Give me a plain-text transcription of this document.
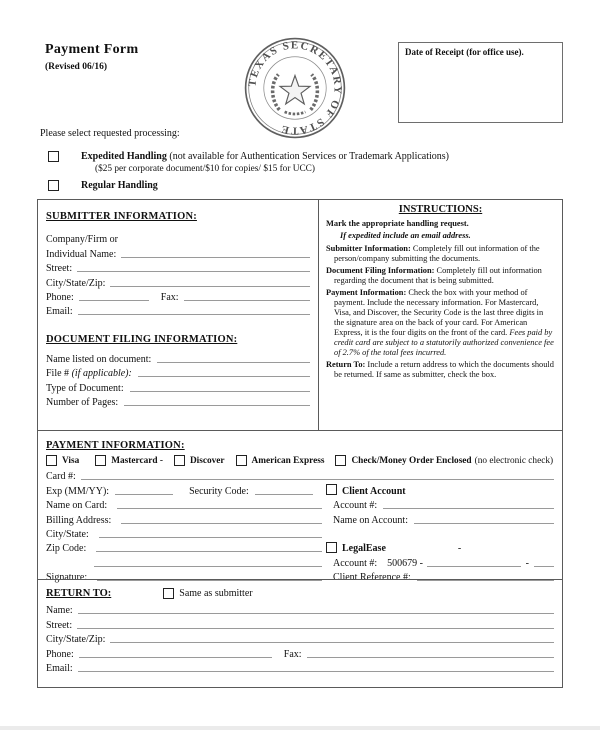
Payment Form
(Revised 06/16)
TEXAS SECRETARY OF STATE
Date of Receipt (for office use).
Please select requested processing:
Expedited Handling (not available for Authentication Services or Trademark Applications)
($25 per corporate document/$10 for copies/ $15 for UCC)
Regular Handling
SUBMITTER INFORMATION:
Company/Firm or
Individual Name:
Street:
City/State/Zip:
Phone:	Fax:
Email:
DOCUMENT FILING INFORMATION:
Name listed on document:
File # (if applicable):
Type of Document:
Number of Pages:
INSTRUCTIONS:
Mark the appropriate handling request.
If expedited include an email address.
Submitter Information: Completely fill out information of the person/company submitting the documents.
Document Filing Information: Completely fill out information regarding the document that is being submitted.
Payment Information: Check the box with your method of payment. Include the necessary information. For Mastercard, Visa, and Discover, the Security Code is the last three digits in the signature area on the back of your card. For American Express, it is the four digits on the front of the card. Fees paid by credit card are subject to a statutorily authorized convenience fee of 2.7% of the total fees incurred.
Return To: Include a return address to which the documents should be returned. If same as submitter, check the box.
PAYMENT INFORMATION:
Visa	Mastercard -	Discover	American Express	Check/Money Order Enclosed (no electronic check)
Card #:
Exp (MM/YY):	Security Code:
Name on Card:
Billing Address:
City/State:
Zip Code:
Signature:
Client Account
Account #:
Name on Account:
LegalEase	-
Account #: 500679 -	-
Client Reference #:
RETURN TO:	Same as submitter
Name:
Street:
City/State/Zip:
Phone:	Fax:
Email:
